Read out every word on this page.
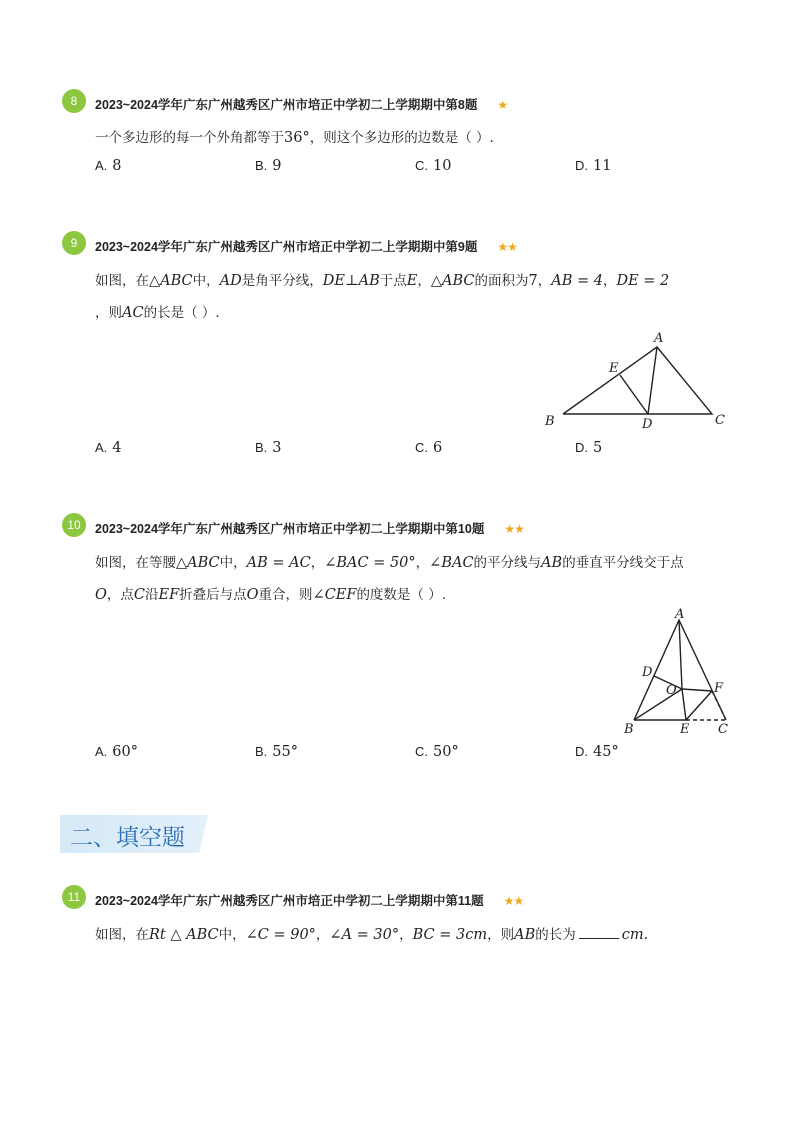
8	2023~2024学年广东广州越秀区广州市培正中学初二上学期期中第8题 ★
一个多边形的每一个外角都等于36°，则这个多边形的边数是（ ）.
A. 8	B. 9	C. 10	D. 11
9	2023~2024学年广东广州越秀区广州市培正中学初二上学期期中第9题 ★★
如图，在△ABC中，AD是角平分线，DE⊥AB于点E，△ABC的面积为7，AB = 4，DE = 2
，则AC的长是（ ）.
A
B	C
D
E
A. 4	B. 3	C. 6	D. 5
10	2023~2024学年广东广州越秀区广州市培正中学初二上学期期中第10题 ★★
如图，在等腰△ABC中，AB = AC，∠BAC = 50°，∠BAC的平分线与AB的垂直平分线交于点
O，点C沿EF折叠后与点O重合，则∠CEF的度数是（ ）.
A
B	C
D
E
F
O
A. 60°	B. 55°	C. 50°	D. 45°
二、填空题
11	2023~2024学年广东广州越秀区广州市培正中学初二上学期期中第11题 ★★
如图，在Rt △ ABC中，∠C = 90°，∠A = 30°，BC = 3cm，则AB的长为	cm.
